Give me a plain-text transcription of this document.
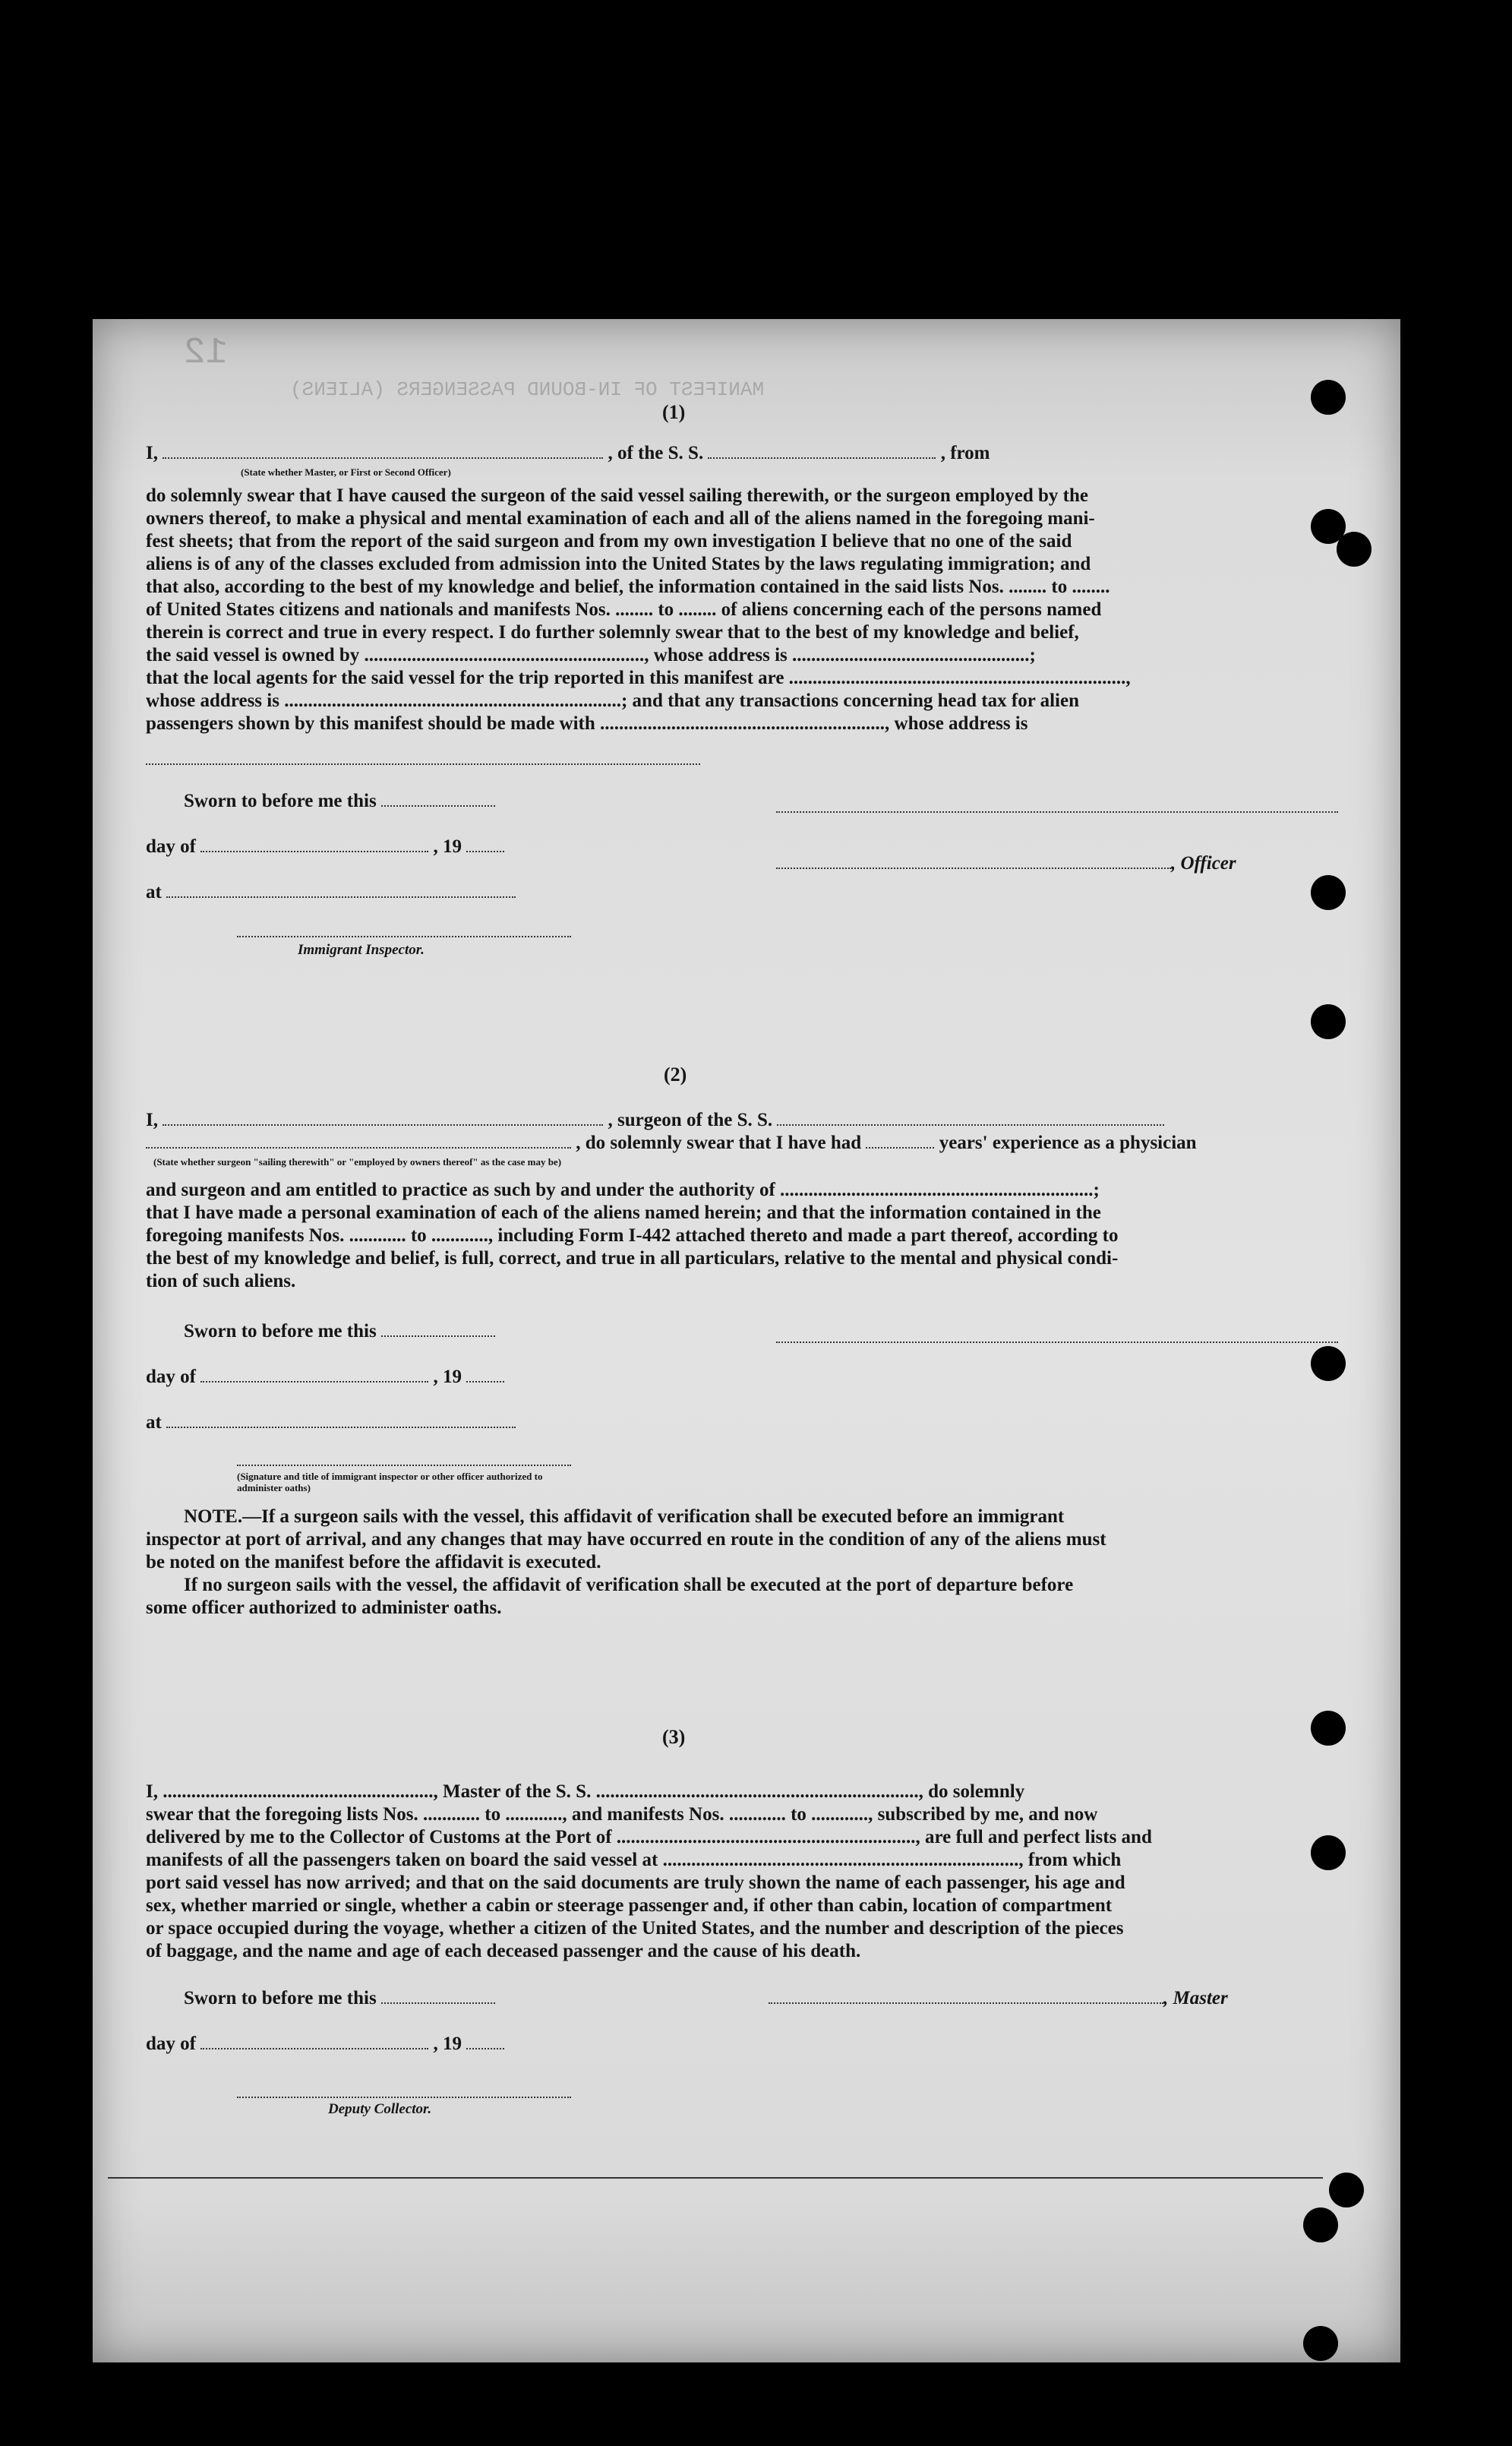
MANIFEST OF IN-BOUND PASSENGERS (ALIENS)
12
(1)
I,	, of the S. S.	, from
(State whether Master, or First or Second Officer)
do solemnly swear that I have caused the surgeon of the said vessel sailing therewith, or the surgeon employed by the
owners thereof, to make a physical and mental examination of each and all of the aliens named in the foregoing mani-
fest sheets; that from the report of the said surgeon and from my own investigation I believe that no one of the said
aliens is of any of the classes excluded from admission into the United States by the laws regulating immigration; and
that also, according to the best of my knowledge and belief, the information contained in the said lists Nos. ........ to ........
of United States citizens and nationals and manifests Nos. ........ to ........ of aliens concerning each of the persons named
therein is correct and true in every respect. I do further solemnly swear that to the best of my knowledge and belief,
the said vessel is owned by ..........................................................., whose address is ..................................................;
that the local agents for the said vessel for the trip reported in this manifest are .......................................................................,
whose address is .......................................................................; and that any transactions concerning head tax for alien
passengers shown by this manifest should be made with ............................................................, whose address is
Sworn to before me this
day of	, 19
, Officer
at
Immigrant Inspector.
(2)
I,	, surgeon of the S. S.
, do solemnly swear that I have had	years' experience as a physician
(State whether surgeon "sailing therewith" or "employed by owners thereof" as the case may be)
and surgeon and am entitled to practice as such by and under the authority of ..................................................................;
that I have made a personal examination of each of the aliens named herein; and that the information contained in the
foregoing manifests Nos. ............ to ............, including Form I-442 attached thereto and made a part thereof, according to
the best of my knowledge and belief, is full, correct, and true in all particulars, relative to the mental and physical condi-
tion of such aliens.
Sworn to before me this
day of	, 19
at
(Signature and title of immigrant inspector or other officer authorized to administer oaths)
NOTE.—If a surgeon sails with the vessel, this affidavit of verification shall be executed before an immigrant
inspector at port of arrival, and any changes that may have occurred en route in the condition of any of the aliens must
be noted on the manifest before the affidavit is executed.
If no surgeon sails with the vessel, the affidavit of verification shall be executed at the port of departure before
some officer authorized to administer oaths.
(3)
I, ........................................................., Master of the S. S. ...................................................................., do solemnly
swear that the foregoing lists Nos. ............ to ............, and manifests Nos. ............ to ............, subscribed by me, and now
delivered by me to the Collector of Customs at the Port of ..............................................................., are full and perfect lists and
manifests of all the passengers taken on board the said vessel at ..........................................................................., from which
port said vessel has now arrived; and that on the said documents are truly shown the name of each passenger, his age and
sex, whether married or single, whether a cabin or steerage passenger and, if other than cabin, location of compartment
or space occupied during the voyage, whether a citizen of the United States, and the number and description of the pieces
of baggage, and the name and age of each deceased passenger and the cause of his death.
Sworn to before me this	, Master
day of	, 19
Deputy Collector.
